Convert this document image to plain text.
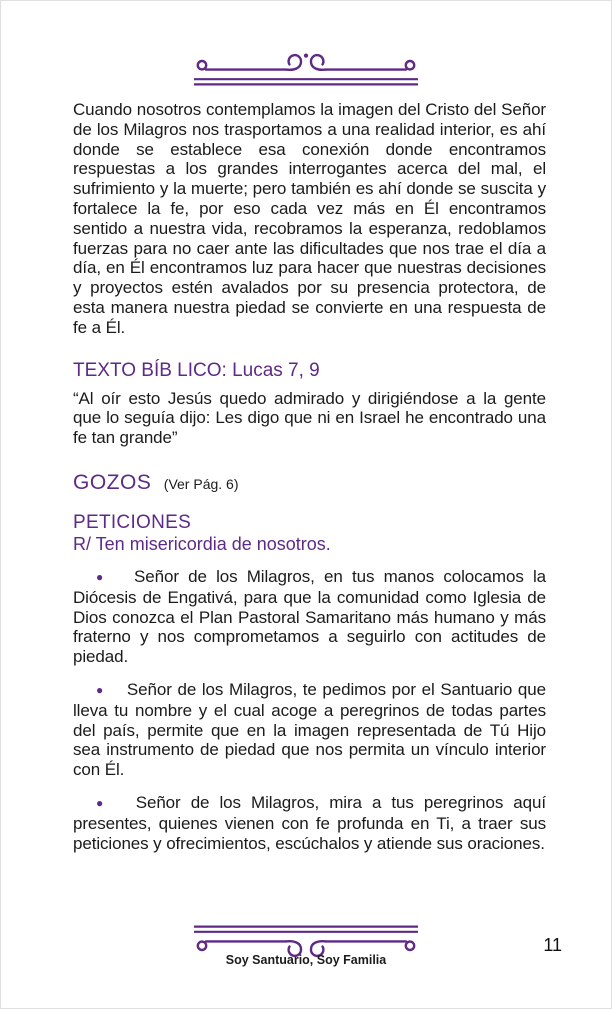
Cuando nosotros contemplamos la imagen del Cristo del Señor de los Milagros nos trasportamos a una realidad interior, es ahí donde se establece esa conexión donde encontramos respuestas a los grandes interrogantes acerca del mal, el sufrimiento y la muerte; pero también es ahí donde se suscita y fortalece la fe, por eso cada vez más en Él encontramos sentido a nuestra vida, recobramos la esperanza, redoblamos fuerzas para no caer ante las dificultades que nos trae el día a día, en Él encontramos luz para hacer que nuestras decisiones y proyectos estén avalados por su presencia protectora, de esta manera nuestra piedad se convierte en una respuesta de fe a Él.

TEXTO BÍB LICO: Lucas 7, 9

“Al oír esto Jesús quedo admirado y dirigiéndose a la gente que lo seguía dijo: Les digo que ni en Israel he encontrado una fe tan grande”

GOZOS (Ver Pág. 6)
PETICIONES
R/ Ten misericordia de nosotros.

● Señor de los Milagros, en tus manos colocamos la Diócesis de Engativá, para que la comunidad como Iglesia de Dios conozca el Plan Pastoral Samaritano más humano y más fraterno y nos comprometamos a seguirlo con actitudes de piedad.

● Señor de los Milagros, te pedimos por el Santuario que lleva tu nombre y el cual acoge a peregrinos de todas partes del país, permite que en la imagen representada de Tú Hijo sea instrumento de piedad que nos permita un vínculo interior con Él.

● Señor de los Milagros, mira a tus peregrinos aquí presentes, quienes vienen con fe profunda en Ti, a traer sus peticiones y ofrecimientos, escúchalos y atiende sus oraciones.

Soy Santuario, Soy Familia
11
